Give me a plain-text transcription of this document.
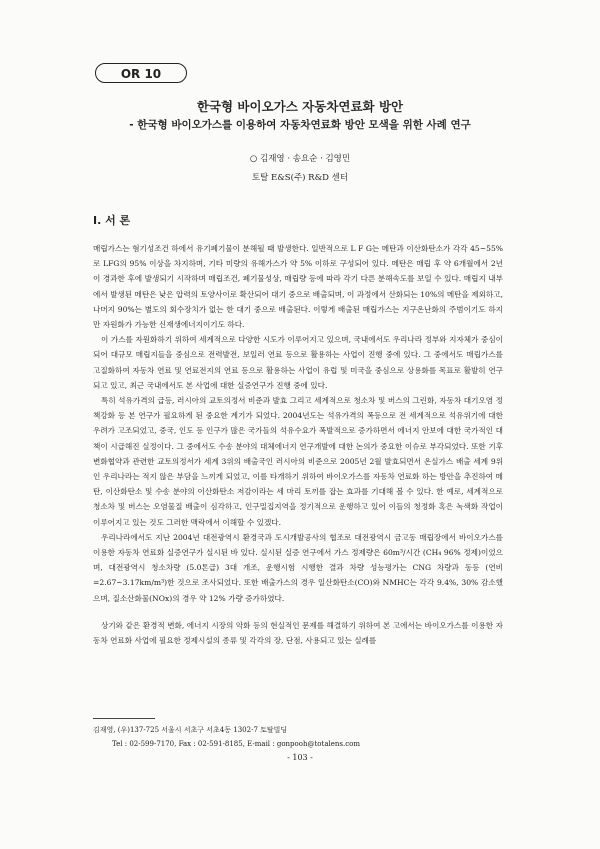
OR 10
한국형 바이오가스 자동차연료화 방안
- 한국형 바이오가스를 이용하여 자동차연료화 방안 모색을 위한 사례 연구
○ 김재영 · 송요순 · 김영민
토탈 E&S(주) R&D 센터
I. 서 론

매립가스는 혐기성조건 하에서 유기폐기물이 분해될 때 발생한다. 일반적으로 L F G는 메탄과 이산화탄소가 각각 45~55%로 LFG의 95% 이상을 차지하며, 기타 미량의 유해가스가 약 5% 이하로 구성되어 있다. 메탄은 매립 후 약 6개월에서 2년이 경과한 후에 발생되기 시작하며 매립조건, 폐기물성상, 매립량 등에 따라 각기 다른 분해속도를 보일 수 있다. 매립지 내부에서 발생된 메탄은 낮은 압력의 토양사이로 확산되어 대기 중으로 배출되며, 이 과정에서 산화되는 10%의 메탄을 제외하고, 나머지 90%는 별도의 회수장치가 없는 한 대기 중으로 배출된다. 이렇게 배출된 매립가스는 지구온난화의 주범이기도 하지만 자원화가 가능한 신재생에너지이기도 하다.

이 가스를 자원화하기 위하여 세계적으로 다양한 시도가 이루어지고 있으며, 국내에서도 우리나라 정부와 지자체가 중심이 되어 대규모 매립지들을 중심으로 전력발전, 보일러 연료 등으로 활용하는 사업이 진행 중에 있다. 그 중에서도 매립가스를 고질화하여 자동차 연료 및 연료전지의 연료 등으로 활용하는 사업이 유럽 및 미국을 중심으로 상용화를 목표로 활발히 연구되고 있고, 최근 국내에서도 본 사업에 대한 실증연구가 진행 중에 있다.

특히 석유가격의 급등, 러시아의 교토의정서 비준과 발효 그리고 세계적으로 청소차 및 버스의 그린화, 자동차 대기오염 정책강화 등 본 연구가 필요하게 된 중요한 계기가 되었다. 2004년도는 석유가격의 폭등으로 전 세계적으로 석유위기에 대한 우려가 고조되었고, 중국, 인도 등 인구가 많은 국가들의 석유수요가 폭발적으로 증가하면서 에너지 안보에 대한 국가적인 대책이 시급해진 실정이다. 그 중에서도 수송 분야의 대체에너지 연구개발에 대한 논의가 중요한 이슈로 부각되었다. 또한 기후변화협약과 관련한 교토의정서가 세계 3위의 배출국인 러시아의 비준으로 2005년 2월 발효되면서 온실가스 배출 세계 9위인 우리나라는 적지 않은 부담을 느끼게 되었고, 이를 타개하기 위하여 바이오가스를 자동차 연료화 하는 방안을 추진하여 메탄, 이산화탄소 및 수송 분야의 이산화탄소 저감이라는 세 마리 토끼를 잡는 효과를 기대해 볼 수 있다. 한 예로, 세계적으로 청소차 및 버스는 오염물질 배출이 심각하고, 인구밀집지역을 정기적으로 운행하고 있어 이들의 청정화 혹은 녹색화 작업이 이루어지고 있는 것도 그러한 맥락에서 이해할 수 있겠다.

우리나라에서도 지난 2004년 대전광역시 환경국과 도시개발공사의 협조로 대전광역시 금고동 매립장에서 바이오가스를 이용한 자동차 연료화 실증연구가 실시된 바 있다. 실시된 실증 연구에서 가스 정제량은 60m³/시간 (CH₄ 96% 정제)이었으며, 대전광역시 청소차량 (5.0톤급) 3대 개조, 운행시험 시행한 결과 차량 성능평가는 CNG 차량과 동등 (연비=2.67~3.17km/m³)한 것으로 조사되었다. 또한 배출가스의 경우 일산화탄소(CO)와 NMHC는 각각 9.4%, 30% 감소했으며, 질소산화물(NOx)의 경우 약 12% 가량 증가하였다.

상기와 같은 환경적 변화, 에너지 시장의 악화 등의 현실적인 문제를 해결하기 위하여 본 고에서는 바이오가스를 이용한 자동차 연료화 사업에 필요한 정제시설의 종류 및 각각의 장, 단점, 사용되고 있는 실례를

김재영, (우)137-725 서울시 서초구 서초4동 1302-7 토탈빌딩
Tel : 02-599-7170, Fax : 02-591-8185, E-mail : gonpooh@totalens.com
- 103 -
